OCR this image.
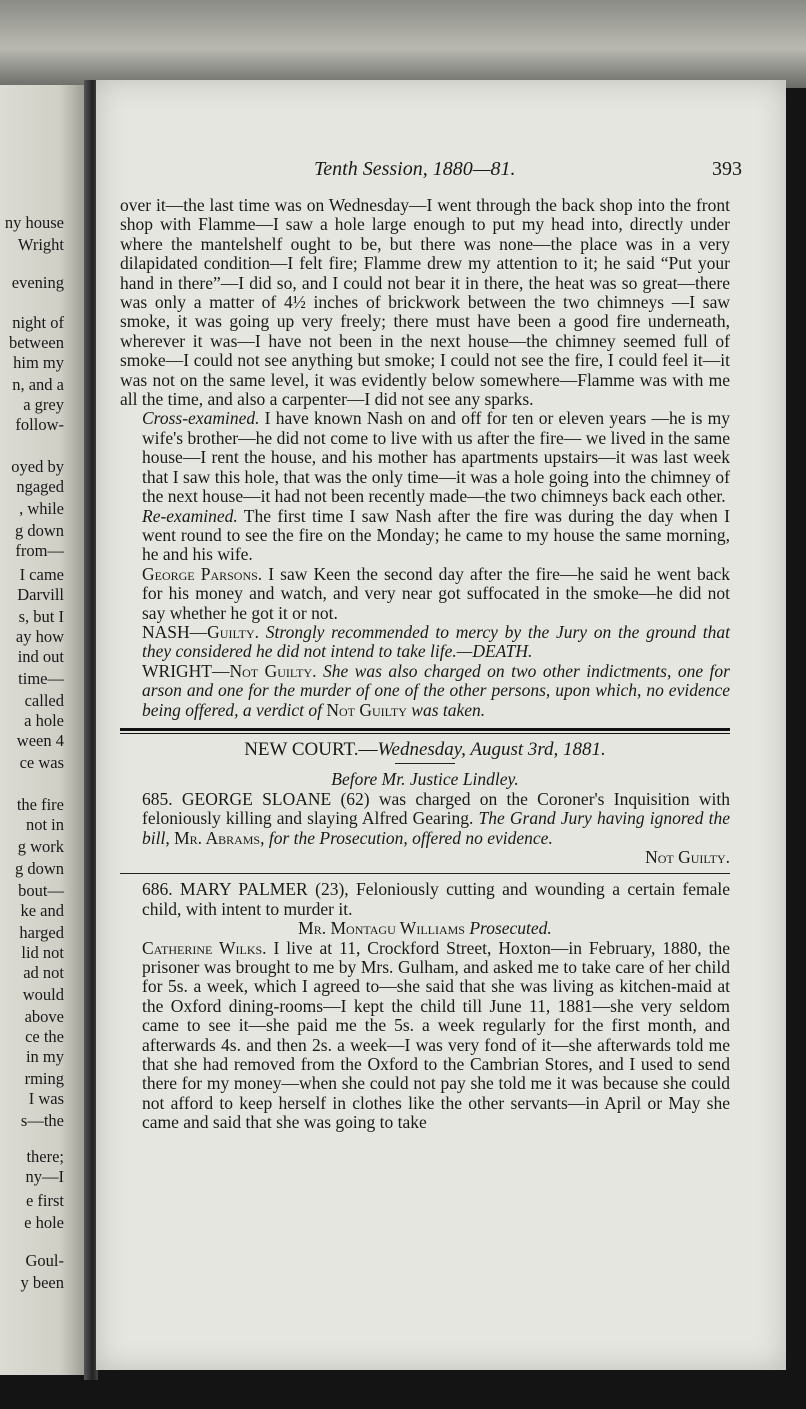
ny house
Wright
evening
night of
between
him my
n, and a
a grey
follow-
oyed by
ngaged
, while
g down
from—
I came
Darvill
s, but I
ay how
ind out
time—
called
a hole
ween 4
ce was
the fire
not in
g work
g down
bout—
ke and
harged
lid not
ad not
would
above
ce the
in my
rming
I was
s—the
there;
ny—I
e first
e hole
Goul-
y been
Tenth Session, 1880—81.	393

over it—the last time was on Wednesday—I went through the back shop into the front shop with Flamme—I saw a hole large enough to put my head into, directly under where the mantelshelf ought to be, but there was none—the place was in a very dilapidated condition—I felt fire; Flamme drew my attention to it; he said “Put your hand in there”—I did so, and I could not bear it in there, the heat was so great—there was only a matter of 4½ inches of brickwork between the two chimneys —I saw smoke, it was going up very freely; there must have been a good fire underneath, wherever it was—I have not been in the next house—the chimney seemed full of smoke—I could not see anything but smoke; I could not see the fire, I could feel it—it was not on the same level, it was evidently below somewhere—Flamme was with me all the time, and also a carpenter—I did not see any sparks.

Cross-examined. I have known Nash on and off for ten or eleven years —he is my wife's brother—he did not come to live with us after the fire— we lived in the same house—I rent the house, and his mother has apartments upstairs—it was last week that I saw this hole, that was the only time—it was a hole going into the chimney of the next house—it had not been recently made—the two chimneys back each other.

Re-examined. The first time I saw Nash after the fire was during the day when I went round to see the fire on the Monday; he came to my house the same morning, he and his wife.

George Parsons. I saw Keen the second day after the fire—he said he went back for his money and watch, and very near got suffocated in the smoke—he did not say whether he got it or not.

NASH—Guilty. Strongly recommended to mercy by the Jury on the ground that they considered he did not intend to take life.—DEATH.

WRIGHT—Not Guilty. She was also charged on two other indictments, one for arson and one for the murder of one of the other persons, upon which, no evidence being offered, a verdict of Not Guilty was taken.

NEW COURT.—Wednesday, August 3rd, 1881.

Before Mr. Justice Lindley.

685. GEORGE SLOANE (62) was charged on the Coroner's Inquisition with feloniously killing and slaying Alfred Gearing. The Grand Jury having ignored the bill, Mr. Abrams, for the Prosecution, offered no evidence.

Not Guilty.

686. MARY PALMER (23), Feloniously cutting and wounding a certain female child, with intent to murder it.

Mr. Montagu Williams Prosecuted.

Catherine Wilks. I live at 11, Crockford Street, Hoxton—in February, 1880, the prisoner was brought to me by Mrs. Gulham, and asked me to take care of her child for 5s. a week, which I agreed to—she said that she was living as kitchen-maid at the Oxford dining-rooms—I kept the child till June 11, 1881—she very seldom came to see it—she paid me the 5s. a week regularly for the first month, and afterwards 4s. and then 2s. a week—I was very fond of it—she afterwards told me that she had removed from the Oxford to the Cambrian Stores, and I used to send there for my money—when she could not pay she told me it was because she could not afford to keep herself in clothes like the other servants—in April or May she came and said that she was going to take
